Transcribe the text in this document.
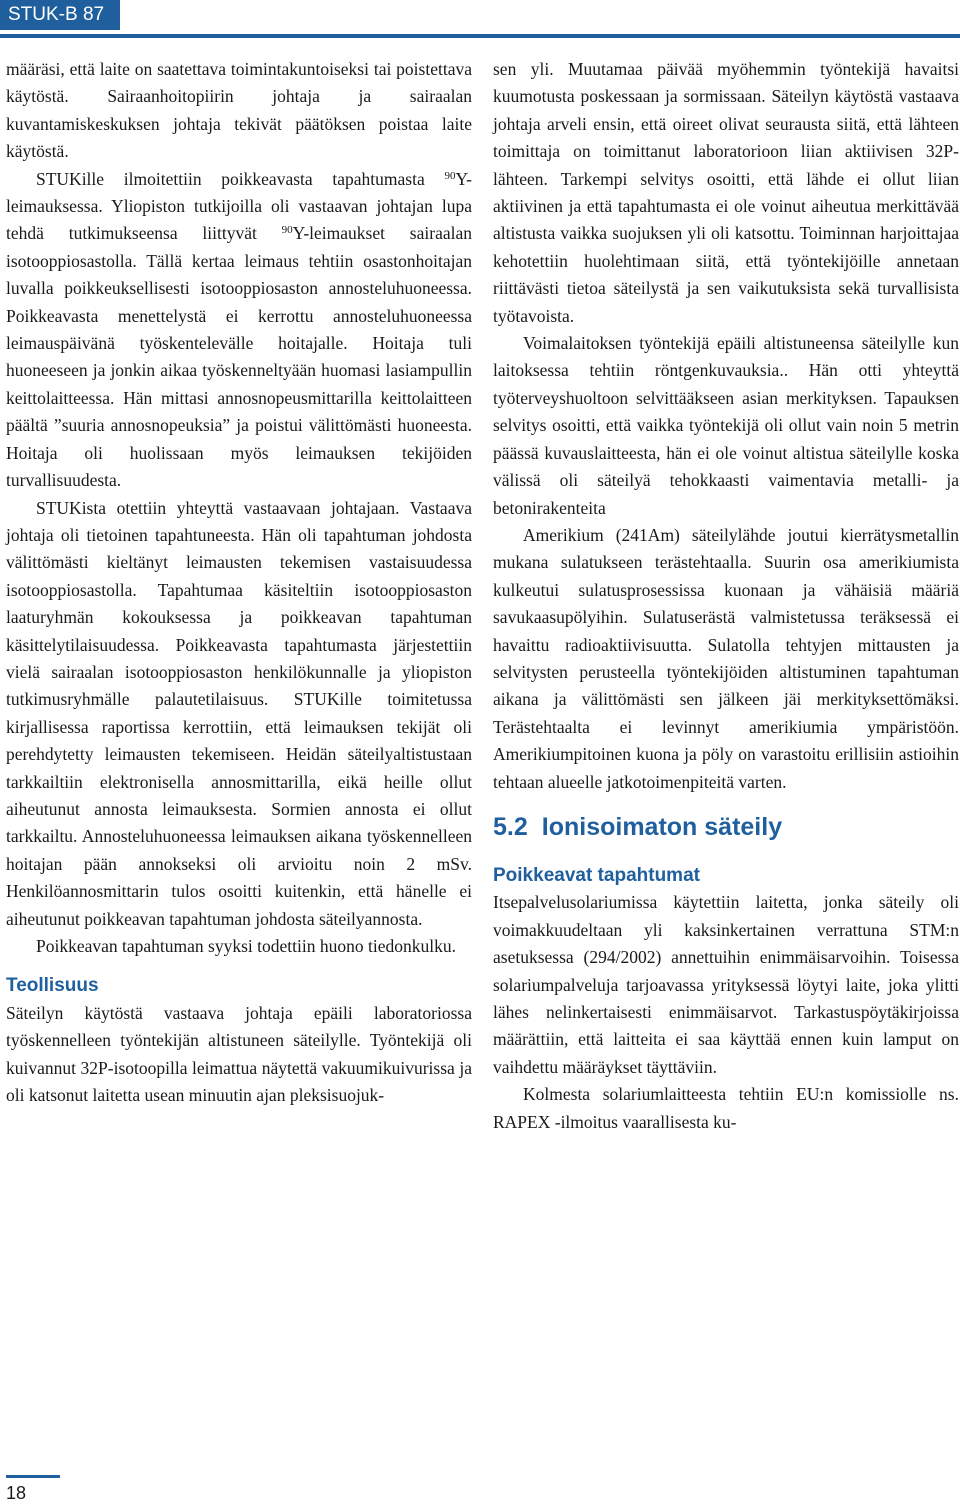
STUK-B 87

määräsi, että laite on saatettava toimintakuntoiseksi tai poistettava käytöstä. Sairaanhoitopiirin johtaja ja sairaalan kuvantamiskeskuksen johtaja tekivät päätöksen poistaa laite käytöstä.

STUKille ilmoitettiin poikkeavasta tapahtumasta $^{90}$Y-leimauksessa. Yliopiston tutkijoilla oli vastaavan johtajan lupa tehdä tutkimukseensa liittyvät $^{90}$Y-leimaukset sairaalan isotooppiosastolla. Tällä kertaa leimaus tehtiin osastonhoitajan luvalla poikkeuksellisesti isotooppiosaston annosteluhuoneessa. Poikkeavasta menettelystä ei kerrottu annosteluhuoneessa leimauspäivänä työskentelevälle hoitajalle. Hoitaja tuli huoneeseen ja jonkin aikaa työskenneltyään huomasi lasiampullin keittolaitteessa. Hän mittasi annosnopeusmittarilla keittolaitteen päältä ”suuria annosnopeuksia” ja poistui välittömästi huoneesta. Hoitaja oli huolissaan myös leimauksen tekijöiden turvallisuudesta.

STUKista otettiin yhteyttä vastaavaan johtajaan. Vastaava johtaja oli tietoinen tapahtuneesta. Hän oli tapahtuman johdosta välittömästi kieltänyt leimausten tekemisen vastaisuudessa isotooppiosastolla. Tapahtumaa käsiteltiin isotooppiosaston laaturyhmän kokouksessa ja poikkeavan tapahtuman käsittelytilaisuudessa. Poikkeavasta tapahtumasta järjestettiin vielä sairaalan isotooppiosaston henkilökunnalle ja yliopiston tutkimusryhmälle palautetilaisuus. STUKille toimitetussa kirjallisessa raportissa kerrottiin, että leimauksen tekijät oli perehdytetty leimausten tekemiseen. Heidän säteilyaltistustaan tarkkailtiin elektronisella annosmittarilla, eikä heille ollut aiheutunut annosta leimauksesta. Sormien annosta ei ollut tarkkailtu. Annosteluhuoneessa leimauksen aikana työskennelleen hoitajan pään annokseksi oli arvioitu noin 2 mSv. Henkilöannosmittarin tulos osoitti kuitenkin, että hänelle ei aiheutunut poikkeavan tapahtuman johdosta säteilyannosta.

Poikkeavan tapahtuman syyksi todettiin huono tiedonkulku.

Teollisuus

Säteilyn käytöstä vastaava johtaja epäili laboratoriossa työskennelleen työntekijän altistuneen säteilylle. Työntekijä oli kuivannut 32P-isotoopilla leimattua näytettä vakuumikuivurissa ja oli katsonut laitetta usean minuutin ajan pleksisuojuk-

sen yli. Muutamaa päivää myöhemmin työntekijä havaitsi kuumotusta poskessaan ja sormissaan. Säteilyn käytöstä vastaava johtaja arveli ensin, että oireet olivat seurausta siitä, että lähteen toimittaja on toimittanut laboratorioon liian aktiivisen 32P-lähteen. Tarkempi selvitys osoitti, että lähde ei ollut liian aktiivinen ja että tapahtumasta ei ole voinut aiheutua merkittävää altistusta vaikka suojuksen yli oli katsottu. Toiminnan harjoittajaa kehotettiin huolehtimaan siitä, että työntekijöille annetaan riittävästi tietoa säteilystä ja sen vaikutuksista sekä turvallisista työtavoista.

Voimalaitoksen työntekijä epäili altistuneensa säteilylle kun laitoksessa tehtiin röntgenkuvauksia.. Hän otti yhteyttä työterveyshuoltoon selvittääkseen asian merkityksen. Tapauksen selvitys osoitti, että vaikka työntekijä oli ollut vain noin 5 metrin päässä kuvauslaitteesta, hän ei ole voinut altistua säteilylle koska välissä oli säteilyä tehokkaasti vaimentavia metalli- ja betonirakenteita

Amerikium (241Am) säteilylähde joutui kierrätysmetallin mukana sulatukseen terästehtaalla. Suurin osa amerikiumista kulkeutui sulatusprosessissa kuonaan ja vähäisiä määriä savukaasupölyihin. Sulatuserästä valmistetussa teräksessä ei havaittu radioaktiivisuutta. Sulatolla tehtyjen mittausten ja selvitysten perusteella työntekijöiden altistuminen tapahtuman aikana ja välittömästi sen jälkeen jäi merkityksettömäksi. Terästehtaalta ei levinnyt amerikiumia ympäristöön. Amerikiumpitoinen kuona ja pöly on varastoitu erillisiin astioihin tehtaan alueelle jatkotoimenpiteitä varten.

5.2 Ionisoimaton säteily
Poikkeavat tapahtumat

Itsepalvelusolariumissa käytettiin laitetta, jonka säteily oli voimakkuudeltaan yli kaksinkertainen verrattuna STM:n asetuksessa (294/2002) annettuihin enimmäisarvoihin. Toisessa solariumpalveluja tarjoavassa yrityksessä löytyi laite, joka ylitti lähes nelinkertaisesti enimmäisarvot. Tarkastuspöytäkirjoissa määrättiin, että laitteita ei saa käyttää ennen kuin lamput on vaihdettu määräykset täyttäviin.

Kolmesta solariumlaitteesta tehtiin EU:n komissiolle ns. RAPEX -ilmoitus vaarallisesta ku-

18
